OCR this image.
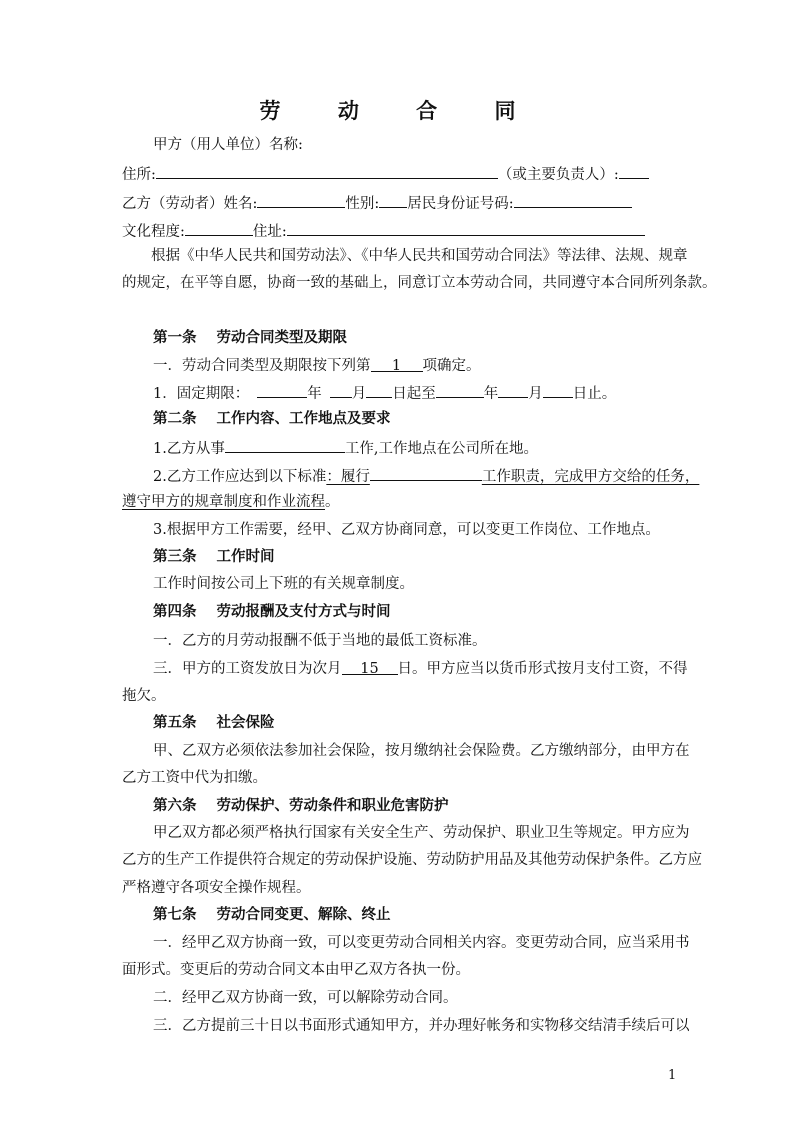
劳 动 合 同
甲方（用人单位）名称:
住所:	（或主要负责人）:
乙方（劳动者）姓名:	性别: 居民身份证号码:
文化程度:	住址:
根据《中华人民共和国劳动法》、《中华人民共和国劳动合同法》等法律、法规、规章
的规定，在平等自愿，协商一致的基础上，同意订立本劳动合同，共同遵守本合同所列条款。
第一条 劳动合同类型及期限
一．劳动合同类型及期限按下列第 1 项确定。
1．固定期限：	年 月 日起至	年 月 日止。
第二条 工作内容、工作地点及要求
1.乙方从事	工作,工作地点在公司所在地。
2.乙方工作应达到以下标准：履行	工作职责，完成甲方交给的任务，
遵守甲方的规章制度和作业流程。
3.根据甲方工作需要，经甲、乙双方协商同意，可以变更工作岗位、工作地点。
第三条 工作时间
工作时间按公司上下班的有关规章制度。
第四条 劳动报酬及支付方式与时间
一．乙方的月劳动报酬不低于当地的最低工资标准。
三．甲方的工资发放日为次月 15 日。甲方应当以货币形式按月支付工资，不得
拖欠。
第五条 社会保险
甲、乙双方必须依法参加社会保险，按月缴纳社会保险费。乙方缴纳部分，由甲方在
乙方工资中代为扣缴。
第六条 劳动保护、劳动条件和职业危害防护
甲乙双方都必须严格执行国家有关安全生产、劳动保护、职业卫生等规定。甲方应为
乙方的生产工作提供符合规定的劳动保护设施、劳动防护用品及其他劳动保护条件。乙方应
严格遵守各项安全操作规程。
第七条 劳动合同变更、解除、终止
一．经甲乙双方协商一致，可以变更劳动合同相关内容。变更劳动合同，应当采用书
面形式。变更后的劳动合同文本由甲乙双方各执一份。
二．经甲乙双方协商一致，可以解除劳动合同。
三．乙方提前三十日以书面形式通知甲方，并办理好帐务和实物移交结清手续后可以
1
